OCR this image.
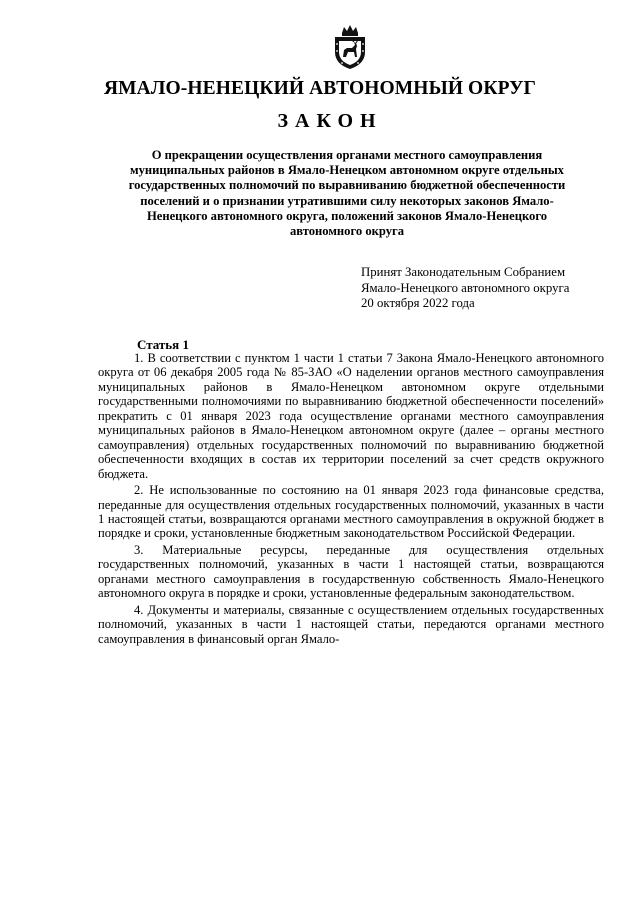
ЯМАЛО-НЕНЕЦКИЙ АВТОНОМНЫЙ ОКРУГ
ЗАКОН
О прекращении осуществления органами местного самоуправления муниципальных районов в Ямало-Ненецком автономном округе отдельных государственных полномочий по выравниванию бюджетной обеспеченности поселений и о признании утратившими силу некоторых законов Ямало-Ненецкого автономного округа, положений законов Ямало-Ненецкого автономного округа
Принят Законодательным Собранием
Ямало-Ненецкого автономного округа
20 октября 2022 года
Статья 1

1. В соответствии с пунктом 1 части 1 статьи 7 Закона Ямало-Ненецкого автономного округа от 06 декабря 2005 года № 85-ЗАО «О наделении органов местного самоуправления муниципальных районов в Ямало-Ненецком автономном округе отдельными государственными полномочиями по выравниванию бюджетной обеспеченности поселений» прекратить с 01 января 2023 года осуществление органами местного самоуправления муниципальных районов в Ямало-Ненецком автономном округе (далее – органы местного самоуправления) отдельных государственных полномочий по выравниванию бюджетной обеспеченности входящих в состав их территории поселений за счет средств окружного бюджета.

2. Не использованные по состоянию на 01 января 2023 года финансовые средства, переданные для осуществления отдельных государственных полномочий, указанных в части 1 настоящей статьи, возвращаются органами местного самоуправления в окружной бюджет в порядке и сроки, установленные бюджетным законодательством Российской Федерации.

3. Материальные ресурсы, переданные для осуществления отдельных государственных полномочий, указанных в части 1 настоящей статьи, возвращаются органами местного самоуправления в государственную собственность Ямало-Ненецкого автономного округа в порядке и сроки, установленные федеральным законодательством.

4. Документы и материалы, связанные с осуществлением отдельных государственных полномочий, указанных в части 1 настоящей статьи, передаются органами местного самоуправления в финансовый орган Ямало-
